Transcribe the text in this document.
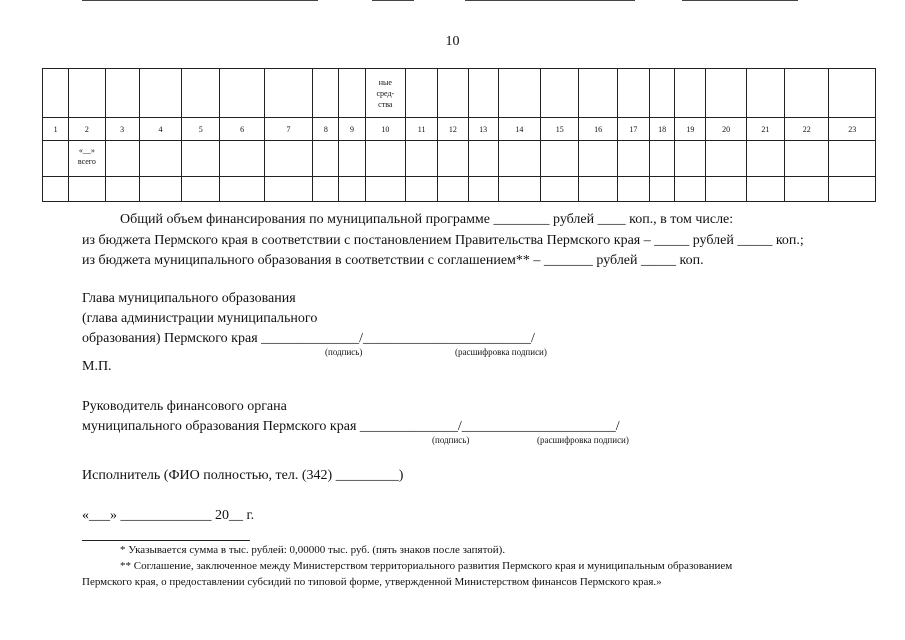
10

									ные
сред-
ства													

1	2	3	4	5	6	7	8	9	10	11	12	13	14	15	16	17	18	19	20	21	22	23

	«__»
всего																					

Общий объем финансирования по муниципальной программе ________ рублей ____ коп., в том числе:
из бюджета Пермского края в соответствии с постановлением Правительства Пермского края – _____ рублей _____ коп.;
из бюджета муниципального образования в соответствии с соглашением** – _______ рублей _____ коп.
Глава муниципального образования
(глава администрации муниципального
образования) Пермского края ______________/________________________/
(подпись)	(расшифровка подписи)
М.П.
Руководитель финансового органа
муниципального образования Пермского края ______________/______________________/
(подпись)	(расшифровка подписи)
Исполнитель (ФИО полностью, тел. (342) _________)
«___» _____________ 20__ г.
* Указывается сумма в тыс. рублей: 0,00000 тыс. руб. (пять знаков после запятой).
** Соглашение, заключенное между Министерством территориального развития Пермского края и муниципальным образованием
Пермского края, о предоставлении субсидий по типовой форме, утвержденной Министерством финансов Пермского края.»
